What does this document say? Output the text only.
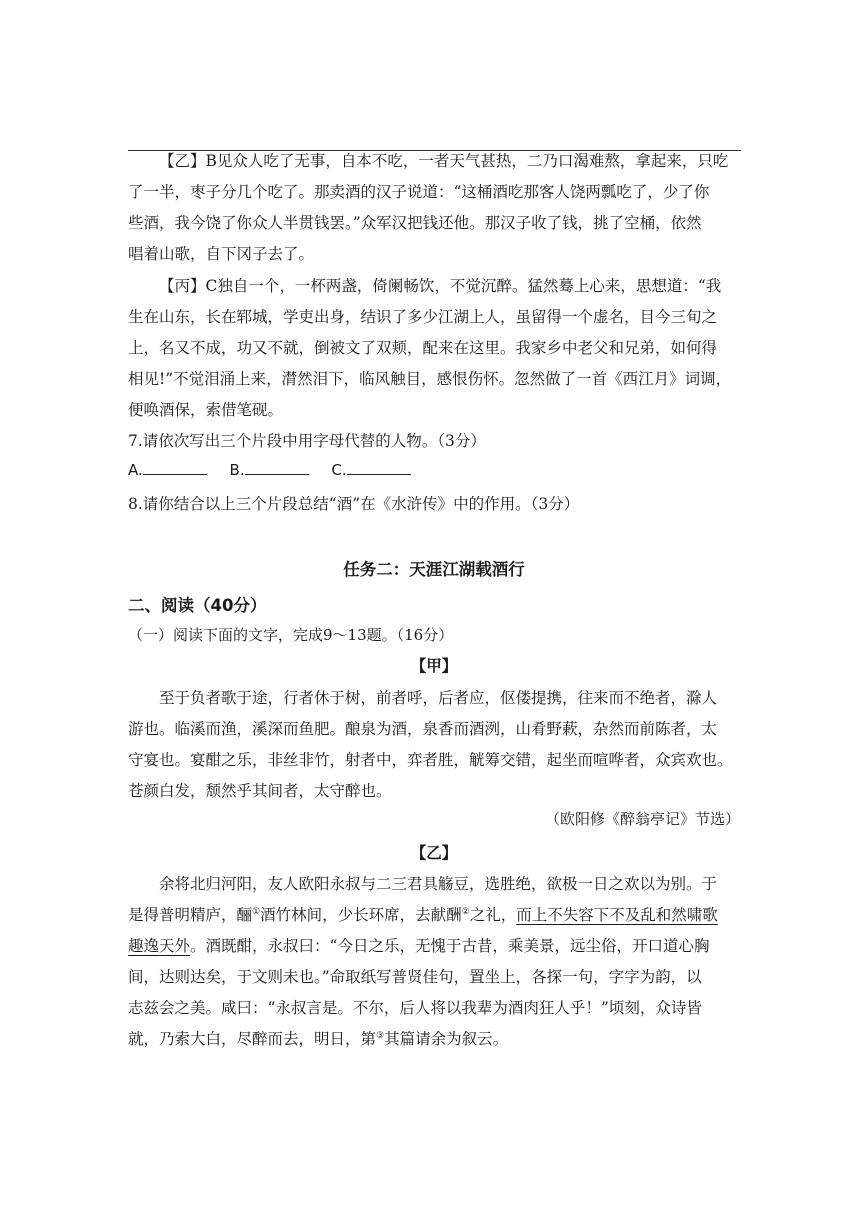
【乙】B见众人吃了无事，自本不吃，一者天气甚热，二乃口渴难熬，拿起来，只吃
了一半，枣子分几个吃了。那卖酒的汉子说道：“这桶酒吃那客人饶两瓢吃了，少了你
些酒，我今饶了你众人半贯钱罢。”众军汉把钱还他。那汉子收了钱，挑了空桶，依然
唱着山歌，自下冈子去了。
【丙】C独自一个，一杯两盏，倚阑畅饮，不觉沉醉。猛然蓦上心来，思想道：“我
生在山东，长在郓城，学吏出身，结识了多少江湖上人，虽留得一个虚名，目今三旬之
上，名又不成，功又不就，倒被文了双颊，配来在这里。我家乡中老父和兄弟，如何得
相见!”不觉泪涌上来，潸然泪下，临风触目，感恨伤怀。忽然做了一首《西江月》词调，
便唤酒保，索借笔砚。
7.请依次写出三个片段中用字母代替的人物。（3分）
A.	B.	C.
8.请你结合以上三个片段总结“酒”在《水浒传》中的作用。（3分）
任务二：天涯江湖载酒行
二、阅读（40分）
（一）阅读下面的文字，完成9～13题。（16分）
【甲】
至于负者歌于途，行者休于树，前者呼，后者应，伛偻提携，往来而不绝者，滁人
游也。临溪而渔，溪深而鱼肥。酿泉为酒，泉香而酒洌，山肴野蔌，杂然而前陈者，太
守宴也。宴酣之乐，非丝非竹，射者中，弈者胜，觥筹交错，起坐而喧哗者，众宾欢也。
苍颜白发，颓然乎其间者，太守醉也。
（欧阳修《醉翁亭记》节选）
【乙】
余将北归河阳，友人欧阳永叔与二三君具觞豆，选胜绝，欲极一日之欢以为别。于
是得普明精庐，酾①酒竹林间，少长环席，去献酬②之礼，而上不失容下不及乱和然啸歌
趣逸天外。酒既酣，永叔曰：“今日之乐，无愧于古昔，乘美景，远尘俗，开口道心胸
间，达则达矣，于文则未也。”命取纸写普贤佳句，置坐上，各探一句，字字为韵，以
志兹会之美。咸曰：“永叔言是。不尔，后人将以我辈为酒肉狂人乎！”顷刻，众诗皆
就，乃索大白，尽醉而去，明日，第③其篇请余为叙云。
